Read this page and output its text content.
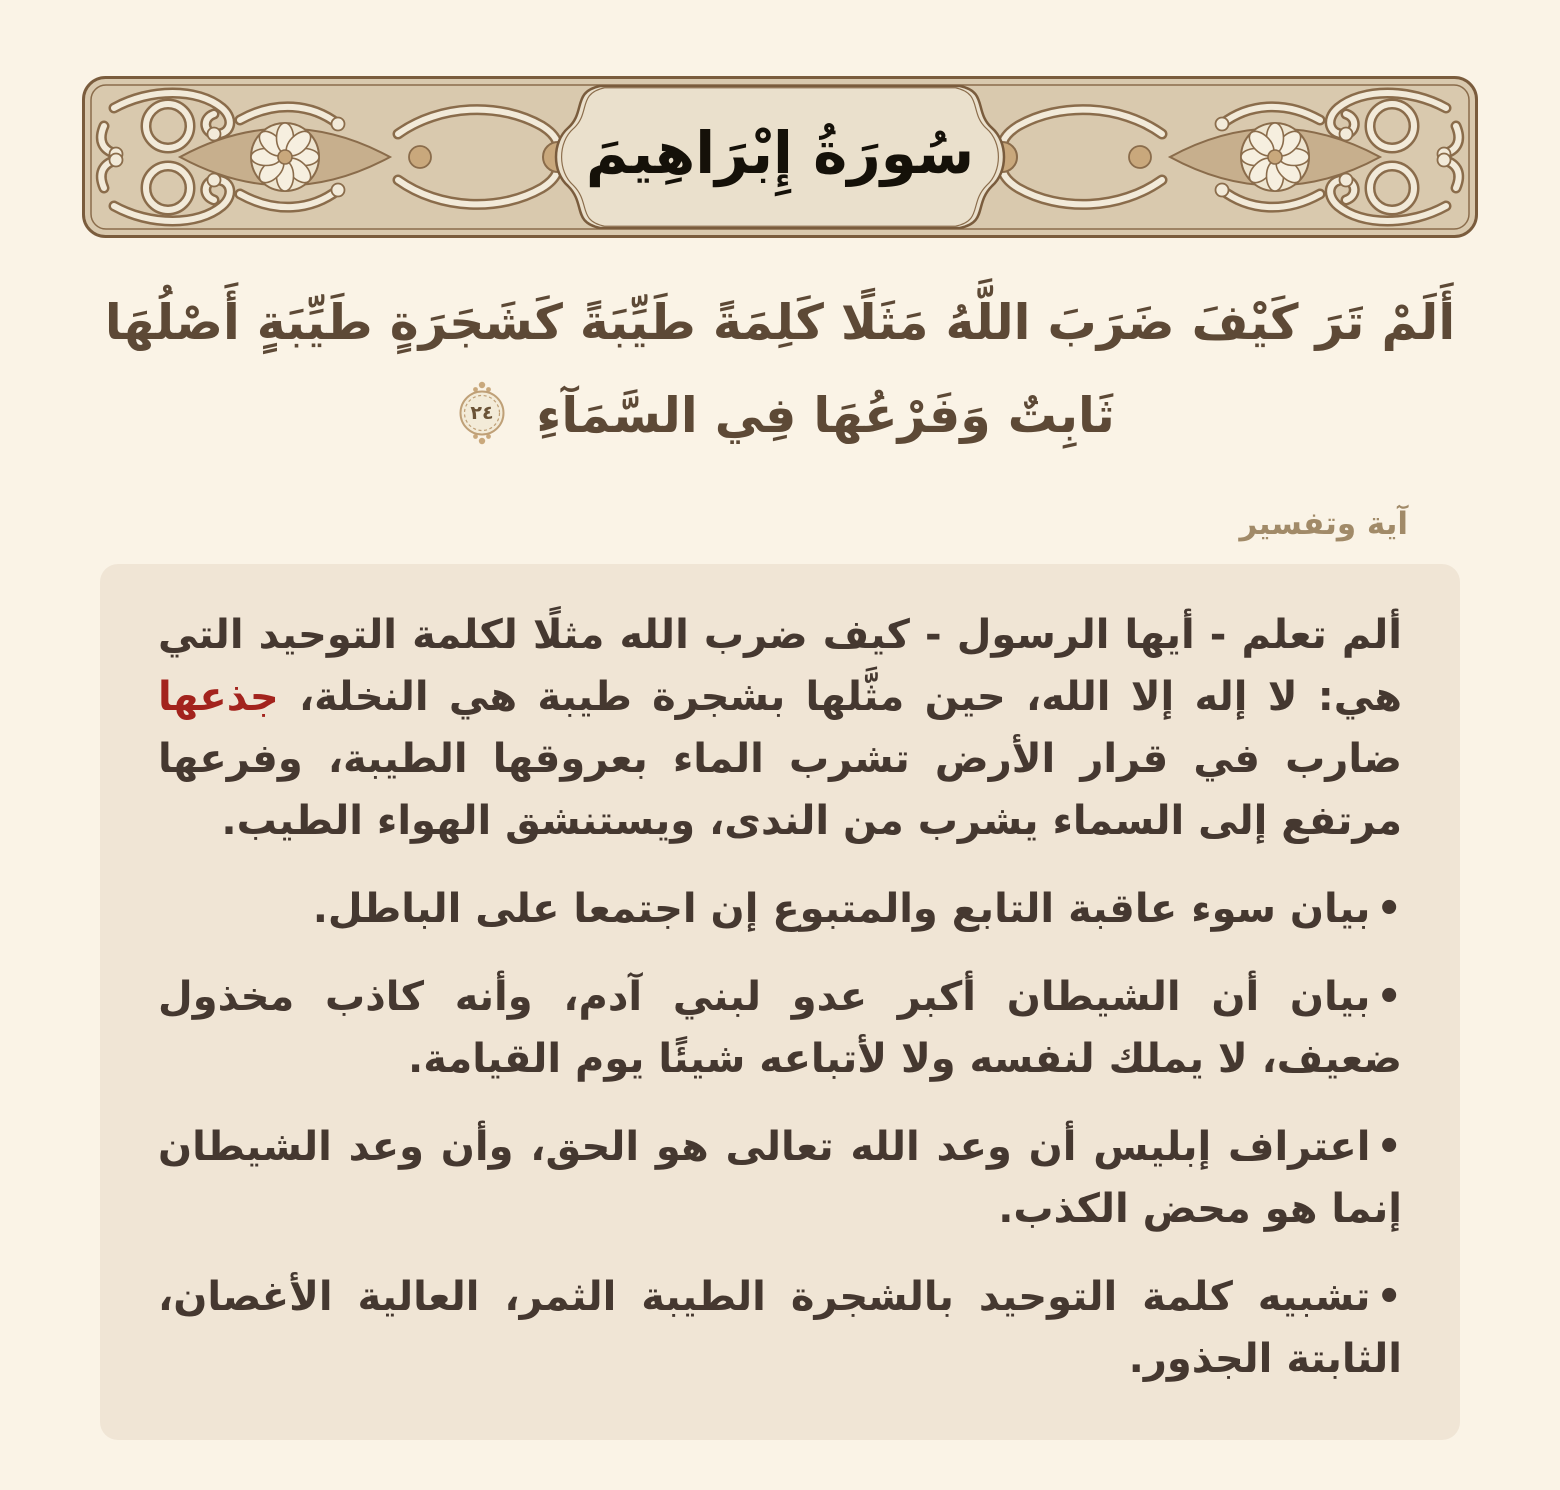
سُورَةُ إِبْرَاهِيمَ
أَلَمْ تَرَ كَيْفَ ضَرَبَ اللَّهُ مَثَلًا كَلِمَةً طَيِّبَةً كَشَجَرَةٍ طَيِّبَةٍ أَصْلُهَا ثَابِتٌ وَفَرْعُهَا فِي السَّمَآءِ
٢٤
آية وتفسير

ألم تعلم - أيها الرسول - كيف ضرب الله مثلًا لكلمة التوحيد التي هي: لا إله إلا الله، حين مثَّلها بشجرة طيبة هي النخلة، جذعها ضارب في قرار الأرض تشرب الماء بعروقها الطيبة، وفرعها مرتفع إلى السماء يشرب من الندى، ويستنشق الهواء الطيب.

•بيان سوء عاقبة التابع والمتبوع إن اجتمعا على الباطل.
•بيان أن الشيطان أكبر عدو لبني آدم، وأنه كاذب مخذول ضعيف، لا يملك لنفسه ولا لأتباعه شيئًا يوم القيامة.
•اعتراف إبليس أن وعد الله تعالى هو الحق، وأن وعد الشيطان إنما هو محض الكذب.
•تشبيه كلمة التوحيد بالشجرة الطيبة الثمر، العالية الأغصان، الثابتة الجذور.
